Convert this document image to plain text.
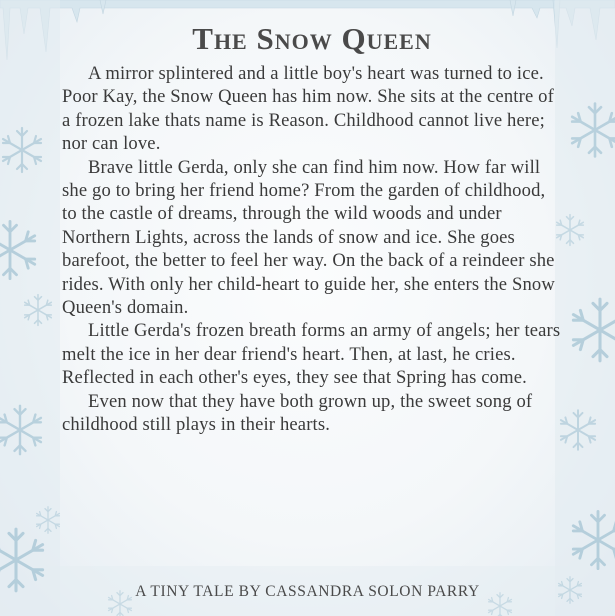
The Snow Queen

A mirror splintered and a little boy's heart was turned to ice. Poor Kay, the Snow Queen has him now. She sits at the centre of a frozen lake thats name is Reason. Childhood cannot live here; nor can love.

Brave little Gerda, only she can find him now. How far will she go to bring her friend home? From the garden of childhood, to the castle of dreams, through the wild woods and under Northern Lights, across the lands of snow and ice. She goes barefoot, the better to feel her way. On the back of a reindeer she rides. With only her child-heart to guide her, she enters the Snow Queen's domain.

Little Gerda's frozen breath forms an army of angels; her tears melt the ice in her dear friend's heart. Then, at last, he cries. Reflected in each other's eyes, they see that Spring has come.

Even now that they have both grown up, the sweet song of childhood still plays in their hearts.

A TINY TALE BY CASSANDRA SOLON PARRY
